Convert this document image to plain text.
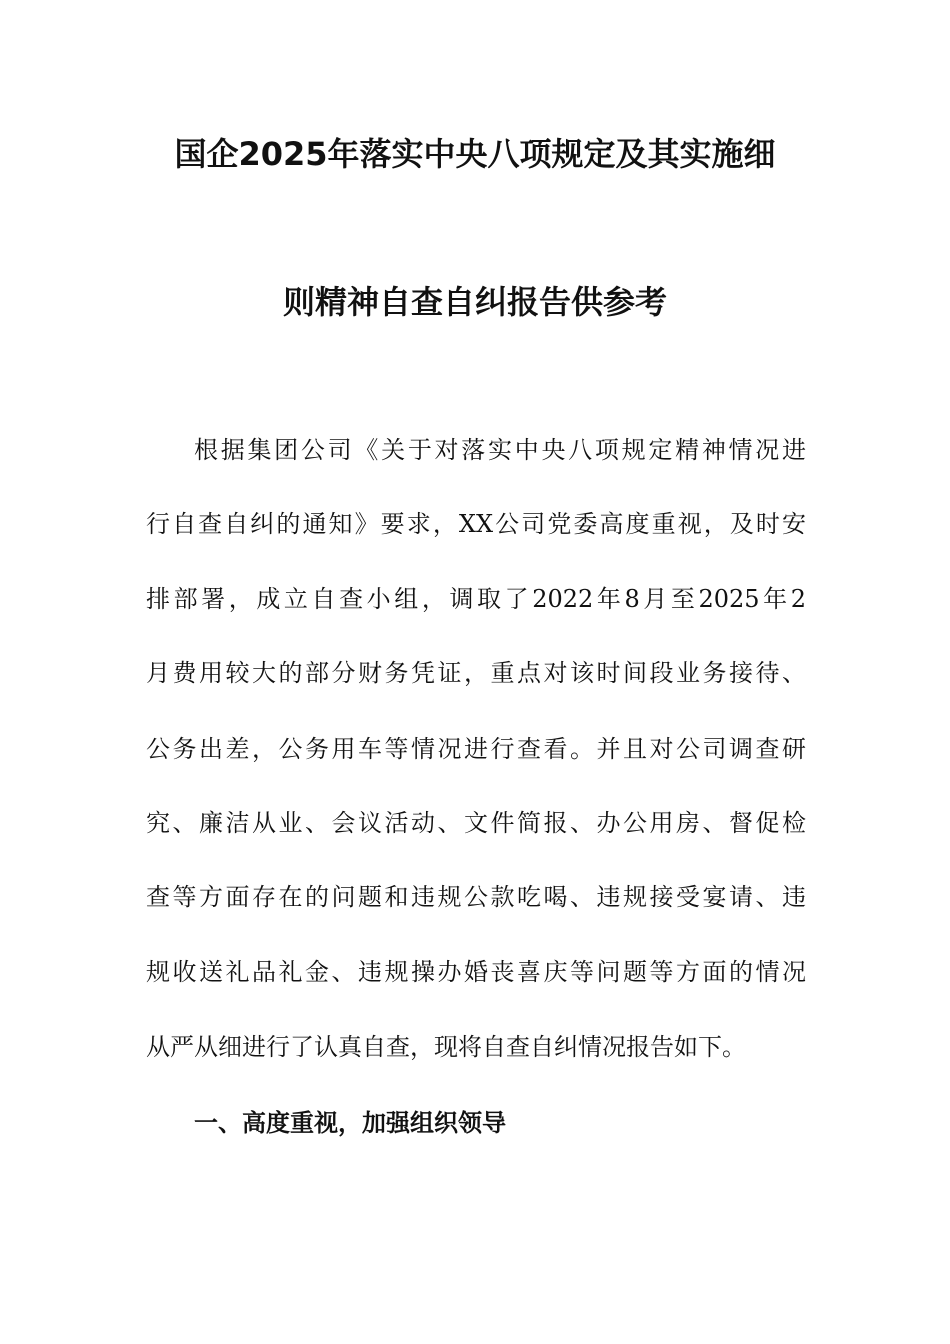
国企2025年落实中央八项规定及其实施细
则精神自查自纠报告供参考
根据集团公司《关于对落实中央八项规定精神情况进
行自查自纠的通知》要求，XX公司党委高度重视，及时安
排部署，成立自查小组，调取了2022年8月至2025年2
月费用较大的部分财务凭证，重点对该时间段业务接待、
公务出差，公务用车等情况进行查看。并且对公司调查研
究、廉洁从业、会议活动、文件简报、办公用房、督促检
查等方面存在的问题和违规公款吃喝、违规接受宴请、违
规收送礼品礼金、违规操办婚丧喜庆等问题等方面的情况
从严从细进行了认真自查，现将自查自纠情况报告如下。
一、高度重视，加强组织领导
